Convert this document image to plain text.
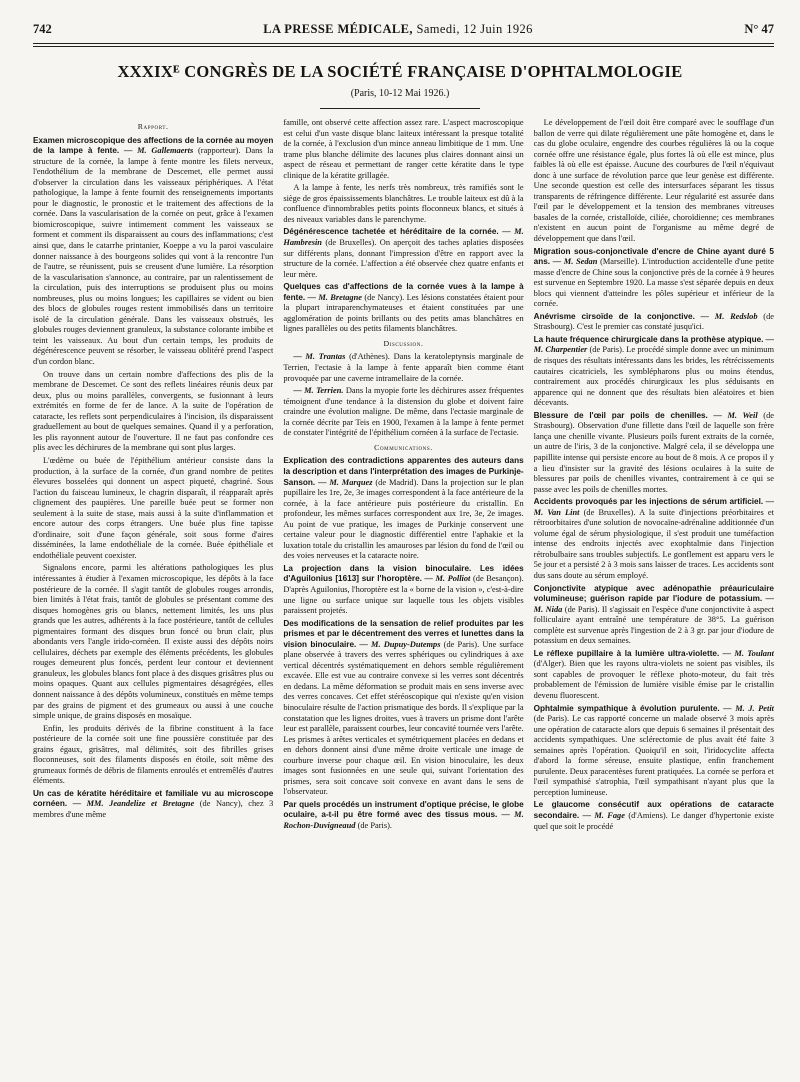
742	LA PRESSE MÉDICALE, Samedi, 12 Juin 1926	N° 47
XXXIXᴱ CONGRÈS DE LA SOCIÉTÉ FRANÇAISE D'OPHTALMOLOGIE
(Paris, 10-12 Mai 1926.)
Rapport.

Examen microscopique des affections de la cornée au moyen de la lampe à fente. — M. Gallemaerts (rapporteur). Dans la structure de la cornée, la lampe à fente montre les filets nerveux, l'endothélium de la membrane de Descemet, elle permet aussi d'observer la circulation dans les vaisseaux périphériques. A l'état pathologique, la lampe à fente fournit des renseignements importants pour le diagnostic, le pronostic et le traitement des affections de la cornée. Dans la vascularisation de la cornée on peut, grâce à l'examen biomicroscopique, suivre intimement comment les vaisseaux se forment et comment ils disparaissent au cours des inflammations; c'est ainsi que, dans le catarrhe printanier, Koeppe a vu la paroi vasculaire donner naissance à des bourgeons solides qui vont à la rencontre l'un de l'autre, se réunissent, puis se creusent d'une lumière. La résorption de la vascularisation s'annonce, au contraire, par un ralentissement de la circulation, puis des interruptions se produisent plus ou moins nombreuses, plus ou moins longues; les capillaires se vident ou bien des blocs de globules rouges restent immobilisés dans un territoire isolé de la circulation générale. Dans les vaisseaux obstrués, les globules rouges deviennent granuleux, la substance colorante imbibe et teint les vaisseaux. Au bout d'un certain temps, les produits de dégénérescence peuvent se résorber, le vaisseau oblitéré prend l'aspect d'un cordon blanc.

On trouve dans un certain nombre d'affections des plis de la membrane de Descemet. Ce sont des reflets linéaires réunis deux par deux, plus ou moins parallèles, convergents, se fusionnant à leurs extrémités en forme de fer de lance. A la suite de l'opération de cataracte, les reflets sont perpendiculaires à l'incision, ils disparaissent graduellement au bout de quelques semaines. Quand il y a perforation, les plis rayonnent autour de l'ouverture. Il ne faut pas confondre ces plis avec les déchirures de la membrane qui sont plus larges.

L'œdème ou buée de l'épithélium antérieur consiste dans la production, à la surface de la cornée, d'un grand nombre de petites élevures bosselées qui donnent un aspect piqueté, chagriné. Sous l'action du faisceau lumineux, le chagrin disparaît, il réapparaît après clignement des paupières. Une pareille buée peut se former non seulement à la suite de stase, mais aussi à la suite d'inflammation et encore autour des corps étrangers. Une buée plus fine tapisse d'ordinaire, soit d'une façon générale, soit sous forme d'aires disséminées, la lame endothéliale de la cornée. Buée épithéliale et endothéliale peuvent coexister.

Signalons encore, parmi les altérations pathologiques les plus intéressantes à étudier à l'examen microscopique, les dépôts à la face postérieure de la cornée. Il s'agit tantôt de globules rouges arrondis, bien limités à l'état frais, tantôt de globules se présentant comme des disques homogènes gris ou blancs, nettement limités, les uns plus grands que les autres, adhérents à la face postérieure, tantôt de cellules pigmentaires formant des disques brun foncé ou brun clair, plus abondants vers l'angle irido-cornéen. Il existe aussi des dépôts noirs cellulaires, déchets par exemple des éléments précédents, les globules rouges demeurent plus foncés, perdent leur contour et deviennent granuleux, les globules blancs font place à des disques grisâtres plus ou moins opaques. Quant aux cellules pigmentaires désagrégées, elles donnent naissance à des dépôts volumineux, constitués en même temps par des grains de pigment et des grumeaux ou aussi à une couche simple unique, de grains disposés en mosaïque.

Enfin, les produits dérivés de la fibrine constituent à la face postérieure de la cornée soit une fine poussière constituée par des grains égaux, grisâtres, mal délimités, soit des fibrilles grises floconneuses, soit des filaments disposés en étoile, soit même des grumeaux formés de débris de filaments enroulés et entremêlés d'autres éléments.

Un cas de kératite héréditaire et familiale vu au microscope cornéen. — MM. Jeandelize et Bretagne (de Nancy), chez 3 membres d'une même

famille, ont observé cette affection assez rare. L'aspect macroscopique est celui d'un vaste disque blanc laiteux intéressant la presque totalité de la cornée, à l'exclusion d'un mince anneau limbitique de 1 mm. Une trame plus blanche délimite des lacunes plus claires donnant ainsi un aspect de réseau et permettant de ranger cette kératite dans le type clinique de la kératite grillagée.

A la lampe à fente, les nerfs très nombreux, très ramifiés sont le siège de gros épaississements blanchâtres. Le trouble laiteux est dû à la confluence d'innombrables petits points floconneux blancs, et situés à des niveaux variables dans le parenchyme.

Dégénérescence tachetée et héréditaire de la cornée. — M. Hambresin (de Bruxelles). On aperçoit des taches aplaties disposées sur différents plans, donnant l'impression d'être en rapport avec la structure de la cornée. L'affection a été observée chez quatre enfants et leur mère.

Quelques cas d'affections de la cornée vues à la lampe à fente. — M. Bretagne (de Nancy). Les lésions constatées étaient pour la plupart intraparenchymateuses et étaient constituées par une agglomération de points brillants ou des petits amas blanchâtres en lignes parallèles ou des petits filaments blanchâtres.

Discussion.

— M. Trantas (d'Athènes). Dans la keratoleptynsis marginale de Terrien, l'ectasie à la lampe à fente apparaît bien comme étant provoquée par une caverne intramellaire de la cornée.

— M. Terrien. Dans la myopie forte les déchirures assez fréquentes témoignent d'une tendance à la distension du globe et doivent faire craindre une évolution maligne. De même, dans l'ectasie marginale de la cornée décrite par Teis en 1900, l'examen à la lampe à fente permet de constater l'intégrité de l'épithélium cornéen à la surface de l'ectasie.

Communications.

Explication des contradictions apparentes des auteurs dans la description et dans l'interprétation des images de Purkinje-Sanson. — M. Marquez (de Madrid). Dans la projection sur le plan pupillaire les 1re, 2e, 3e images correspondent à la face antérieure de la cornée, à la face antérieure puis postérieure du cristallin. En profondeur, les mêmes surfaces correspondent aux 1re, 3e, 2e images. Au point de vue pratique, les images de Purkinje conservent une certaine valeur pour le diagnostic différentiel entre l'aphakie et la luxation totale du cristallin les amauroses par lésion du fond de l'œil ou des voies nerveuses et la cataracte noire.

La projection dans la vision binoculaire. Les idées d'Aguilonius [1613] sur l'horoptère. — M. Polliot (de Besançon). D'après Aguilonius, l'horoptère est la « borne de la vision », c'est-à-dire une ligne ou surface unique sur laquelle tous les objets visibles paraissent projetés.

Des modifications de la sensation de relief produites par les prismes et par le décentrement des verres et lunettes dans la vision binoculaire. — M. Dupuy-Dutemps (de Paris). Une surface plane observée à travers des verres sphériques ou cylindriques à axe vertical décentrés systématiquement en dehors semble régulièrement excavée. Elle est vue au contraire convexe si les verres sont décentrés en dedans. La même déformation se produit mais en sens inverse avec des verres concaves. Cet effet stéréoscopique qui n'existe qu'en vision binoculaire résulte de l'action prismatique des bords. Il s'explique par la constatation que les lignes droites, vues à travers un prisme dont l'arête leur est parallèle, paraissent courbes, leur concavité tournée vers l'arête. Les prismes à arêtes verticales et symétriquement placées en dedans et en dehors donnent ainsi d'une même droite verticale une image de courbure inverse pour chaque œil. En vision binoculaire, les deux images sont fusionnées en une seule qui, suivant l'orientation des prismes, sera soit concave soit convexe en avant dans le sens de l'observateur.

Par quels procédés un instrument d'optique précise, le globe oculaire, a-t-il pu être formé avec des tissus mous. — M. Rochon-Duvigneaud (de Paris).

Le développement de l'œil doit être comparé avec le soufflage d'un ballon de verre qui dilate régulièrement une pâte homogène et, dans le cas du globe oculaire, engendre des courbes régulières là ou la coque cornée offre une résistance égale, plus fortes là où elle est mince, plus faibles là où elle est épaisse. Aucune des courbures de l'œil n'équivaut donc à une surface de révolution parce que leur genèse est différente. Une seconde question est celle des intersurfaces séparant les tissus transparents de réfringence différente. Leur régularité est assurée dans l'œil par le développement et la tension des membranes vitreuses basales de la cornée, cristalloïde, ciliée, choroïdienne; ces membranes n'existent en aucun point de l'organisme au même degré de développement que dans l'œil.

Migration sous-conjonctivale d'encre de Chine ayant duré 5 ans. — M. Sedan (Marseille). L'introduction accidentelle d'une petite masse d'encre de Chine sous la conjonctive près de la cornée à 9 heures est survenue en Septembre 1920. La masse s'est séparée depuis en deux blocs qui viennent d'atteindre les pôles supérieur et inférieur de la cornée.

Anévrisme cirsoïde de la conjonctive. — M. Redslob (de Strasbourg). C'est le premier cas constaté jusqu'ici.

La haute fréquence chirurgicale dans la prothèse atypique. — M. Charpentier (de Paris). Le procédé simple donne avec un minimum de risques des résultats intéressants dans les brides, les rétrécissements cautaires cicatriciels, les symblépharons plus ou moins étendus, contrairement aux procédés chirurgicaux les plus séduisants en apparence qui ne donnent que des résultats bien aléatoires et bien décevants.

Blessure de l'œil par poils de chenilles. — M. Weil (de Strasbourg). Observation d'une fillette dans l'œil de laquelle son frère lança une chenille vivante. Plusieurs poils furent extraits de la cornée, un autre de l'iris, 3 de la conjonctive. Malgré cela, il se développa une papillite intense qui persiste encore au bout de 8 mois. A ce propos il y a lieu d'insister sur la gravité des lésions oculaires à la suite de blessures par poils de chenilles vivantes, contrairement à ce qui se passe avec les poils de chenilles mortes.

Accidents provoqués par les injections de sérum artificiel. — M. Van Lint (de Bruxelles). A la suite d'injections préorbitaires et rétroorbitaires d'une solution de novocaïne-adrénaline additionnée d'un volume égal de sérum physiologique, il s'est produit une tuméfaction intense des endroits injectés avec exophtalmie dans l'injection rétrobulbaire sans troubles subjectifs. Le gonflement est apparu vers le 5e jour et a persisté 2 à 3 mois sans laisser de traces. Les accidents sont dus sans doute au sérum employé.

Conjonctivite atypique avec adénopathie préauriculaire volumineuse; guérison rapide par l'iodure de potassium. — M. Nida (de Paris). Il s'agissait en l'espèce d'une conjonctivite à aspect folliculaire ayant entraîné une température de 38°5. La guérison complète est survenue après l'ingestion de 2 à 3 gr. par jour d'iodure de potassium en deux semaines.

Le réflexe pupillaire à la lumière ultra-violette. — M. Toulant (d'Alger). Bien que les rayons ultra-violets ne soient pas visibles, ils sont capables de provoquer le réflexe photo-moteur, du fait très probablement de l'émission de lumière visible émise par le cristallin devenu fluorescent.

Ophtalmie sympathique à évolution purulente. — M. J. Petit (de Paris). Le cas rapporté concerne un malade observé 3 mois après une opération de cataracte alors que depuis 6 semaines il présentait des accidents sympathiques. Une sclérectomie de plus avait été faite 3 semaines après l'opération. Quoiqu'il en soit, l'iridocyclite affecta d'abord la forme séreuse, ensuite plastique, enfin franchement purulente. Deux paracentèses furent pratiquées. La cornée se perfora et l'œil sympathisé s'atrophia, l'œil sympathisant n'ayant plus que la perception lumineuse.

Le glaucome consécutif aux opérations de cataracte secondaire. — M. Fage (d'Amiens). Le danger d'hypertonie existe quel que soit le procédé
